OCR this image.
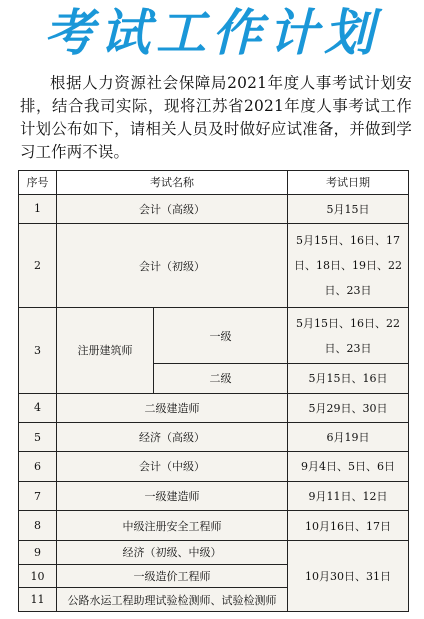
考试工作计划
根据人力资源社会保障局2021年度人事考试计划安排，结合我司实际，现将江苏省2021年度人事考试工作计划公布如下，请相关人员及时做好应试准备，并做到学习工作两不误。
序号	考试名称		考试日期
1	会计（高级）		5月15日
2	会计（初级）		5月15日、16日、17日、18日、19日、22日、23日
3	注册建筑师	一级	5月15日、16日、22日、23日
		二级	5月15日、16日
4	二级建造师		5月29日、30日
5	经济（高级）		6月19日
6	会计（中级）		9月4日、5日、6日
7	一级建造师		9月11日、12日
8	中级注册安全工程师		10月16日、17日
9	经济（初级、中级）		10月30日、31日
10	一级造价工程师		
11	公路水运工程助理试验检测师、试验检测师		
